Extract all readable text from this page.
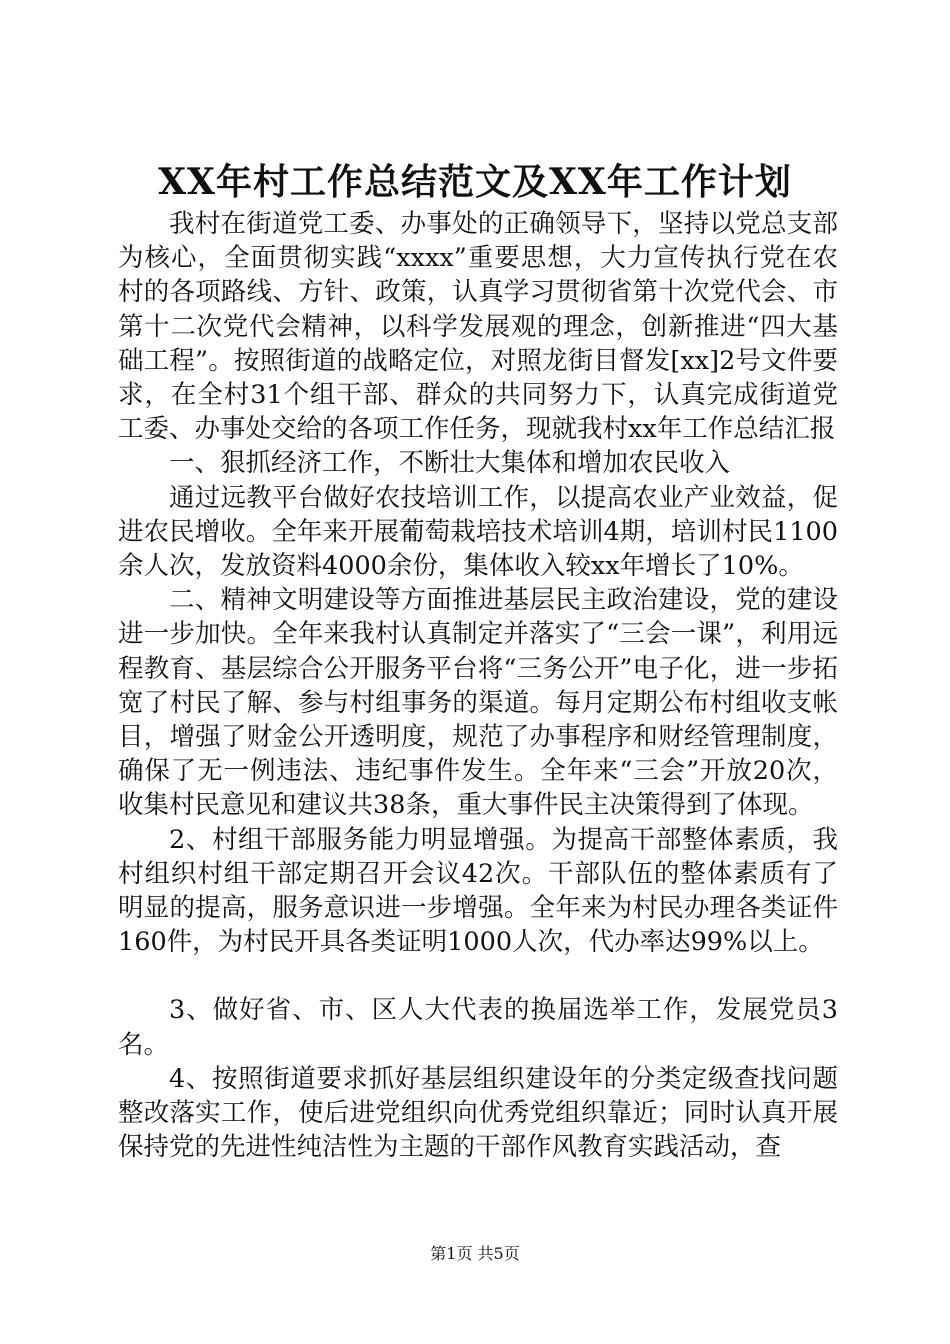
XX年村工作总结范文及XX年工作计划

我村在街道党工委、办事处的正确领导下，坚持以党总支部为核心，全面贯彻实践“xxxx”重要思想，大力宣传执行党在农村的各项路线、方针、政策，认真学习贯彻省第十次党代会、市第十二次党代会精神，以科学发展观的理念，创新推进“四大基础工程”。按照街道的战略定位，对照龙街目督发[xx]2号文件要求，在全村31个组干部、群众的共同努力下，认真完成街道党工委、办事处交给的各项工作任务，现就我村xx年工作总结汇报

一、狠抓经济工作，不断壮大集体和增加农民收入

通过远教平台做好农技培训工作，以提高农业产业效益，促进农民增收。全年来开展葡萄栽培技术培训4期，培训村民1100余人次，发放资料4000余份，集体收入较xx年增长了10%。

二、精神文明建设等方面推进基层民主政治建设，党的建设进一步加快。全年来我村认真制定并落实了“三会一课”，利用远程教育、基层综合公开服务平台将“三务公开”电子化，进一步拓宽了村民了解、参与村组事务的渠道。每月定期公布村组收支帐目，增强了财金公开透明度，规范了办事程序和财经管理制度，确保了无一例违法、违纪事件发生。全年来“三会”开放20次，收集村民意见和建议共38条，重大事件民主决策得到了体现。

2、村组干部服务能力明显增强。为提高干部整体素质，我村组织村组干部定期召开会议42次。干部队伍的整体素质有了明显的提高，服务意识进一步增强。全年来为村民办理各类证件160件，为村民开具各类证明1000人次，代办率达99%以上。

3、做好省、市、区人大代表的换届选举工作，发展党员3名。

4、按照街道要求抓好基层组织建设年的分类定级查找问题整改落实工作，使后进党组织向优秀党组织靠近；同时认真开展保持党的先进性纯洁性为主题的干部作风教育实践活动，查

第1页 共5页
